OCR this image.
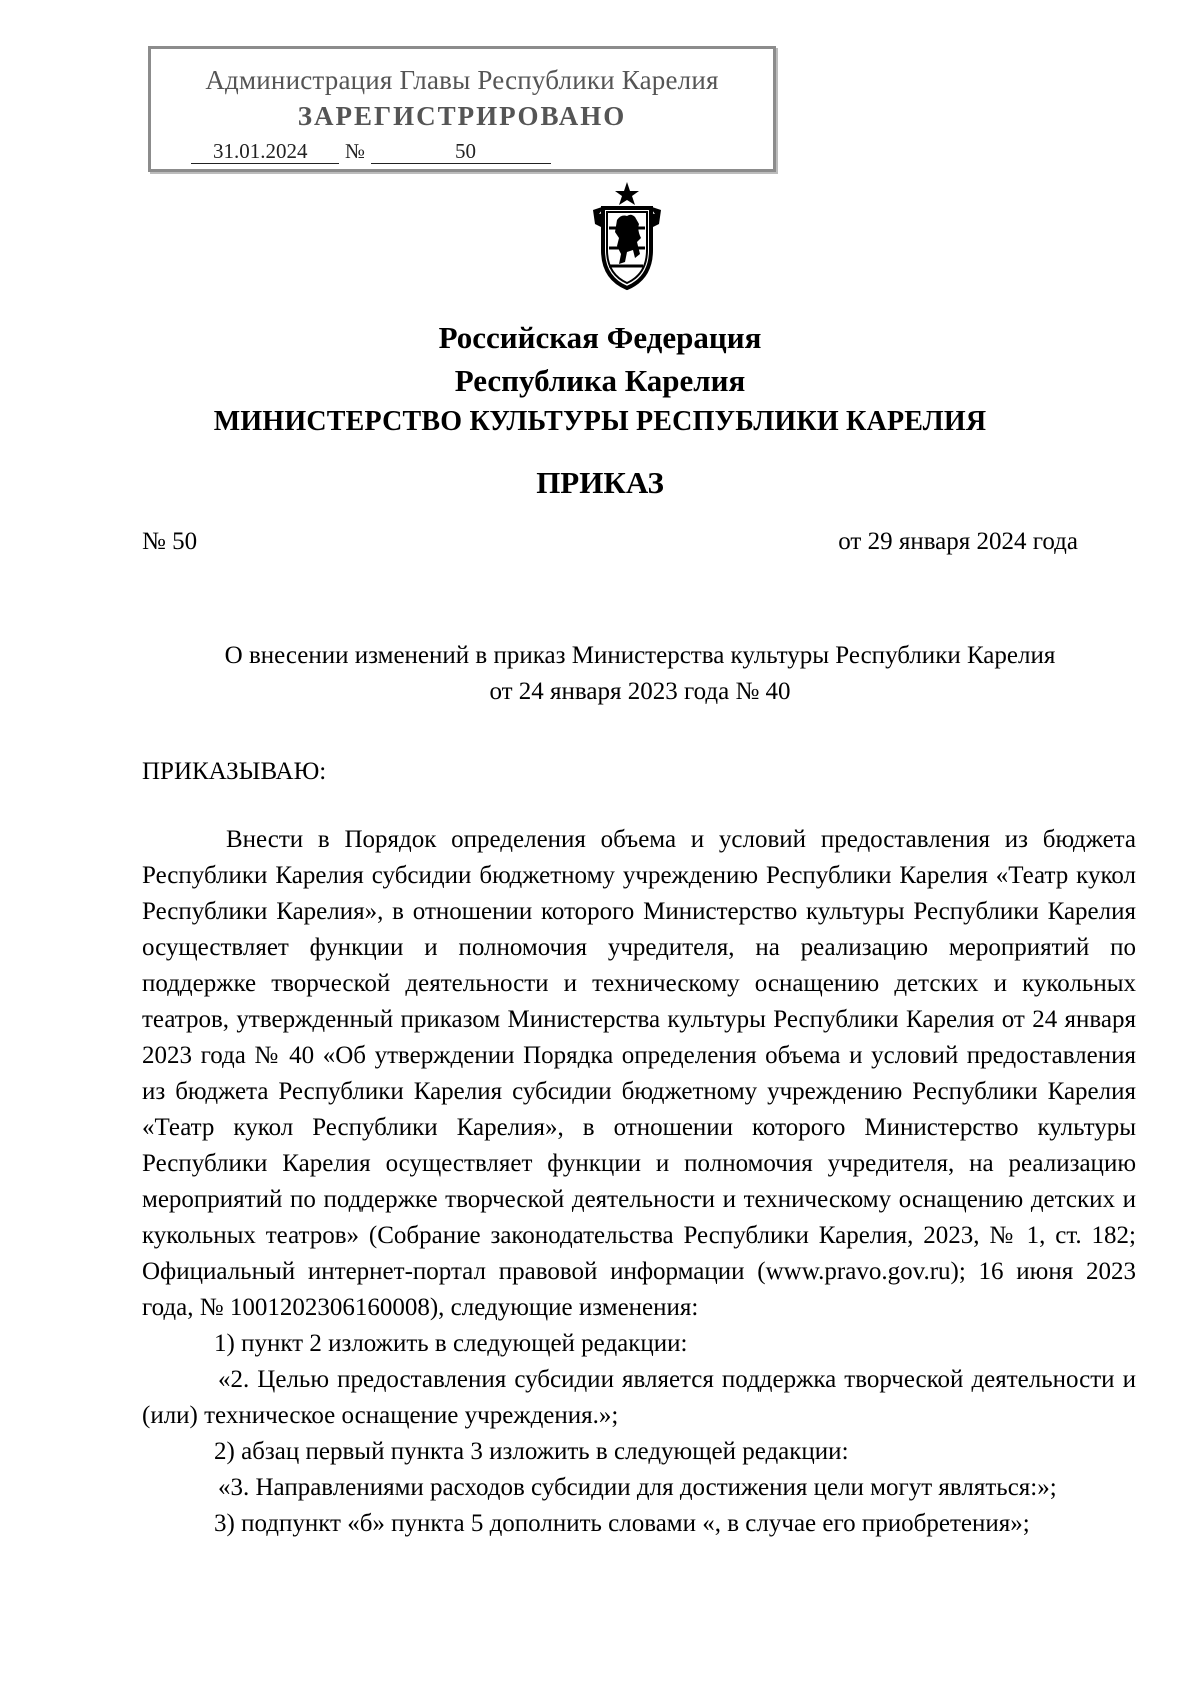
Администрация Главы Республики Карелия
ЗАРЕГИСТРИРОВАНО
31.01.2024 №	50
Российская Федерация
Республика Карелия
МИНИСТЕРСТВО КУЛЬТУРЫ РЕСПУБЛИКИ КАРЕЛИЯ
ПРИКАЗ
№ 50	от 29 января 2024 года
О внесении изменений в приказ Министерства культуры Республики Карелия
от 24 января 2023 года № 40
ПРИКАЗЫВАЮ:

Внести в Порядок определения объема и условий предоставления из бюджета Республики Карелия субсидии бюджетному учреждению Республики Карелия «Театр кукол Республики Карелия», в отношении которого Министерство культуры Республики Карелия осуществляет функции и полномочия учредителя, на реализацию мероприятий по поддержке творческой деятельности и техническому оснащению детских и кукольных театров, утвержденный приказом Министерства культуры Республики Карелия от 24 января 2023 года № 40 «Об утверждении Порядка определения объема и условий предоставления из бюджета Республики Карелия субсидии бюджетному учреждению Республики Карелия «Театр кукол Республики Карелия», в отношении которого Министерство культуры Республики Карелия осуществляет функции и полномочия учредителя, на реализацию мероприятий по поддержке творческой деятельности и техническому оснащению детских и кукольных театров» (Собрание законодательства Республики Карелия, 2023, № 1, ст. 182; Официальный интернет-портал правовой информации (www.pravo.gov.ru); 16 июня 2023 года, № 1001202306160008), следующие изменения:

1) пункт 2 изложить в следующей редакции:

«2. Целью предоставления субсидии является поддержка творческой деятельности и (или) техническое оснащение учреждения.»;

2) абзац первый пункта 3 изложить в следующей редакции:

«3. Направлениями расходов субсидии для достижения цели могут являться:»;

3) подпункт «б» пункта 5 дополнить словами «, в случае его приобретения»;
